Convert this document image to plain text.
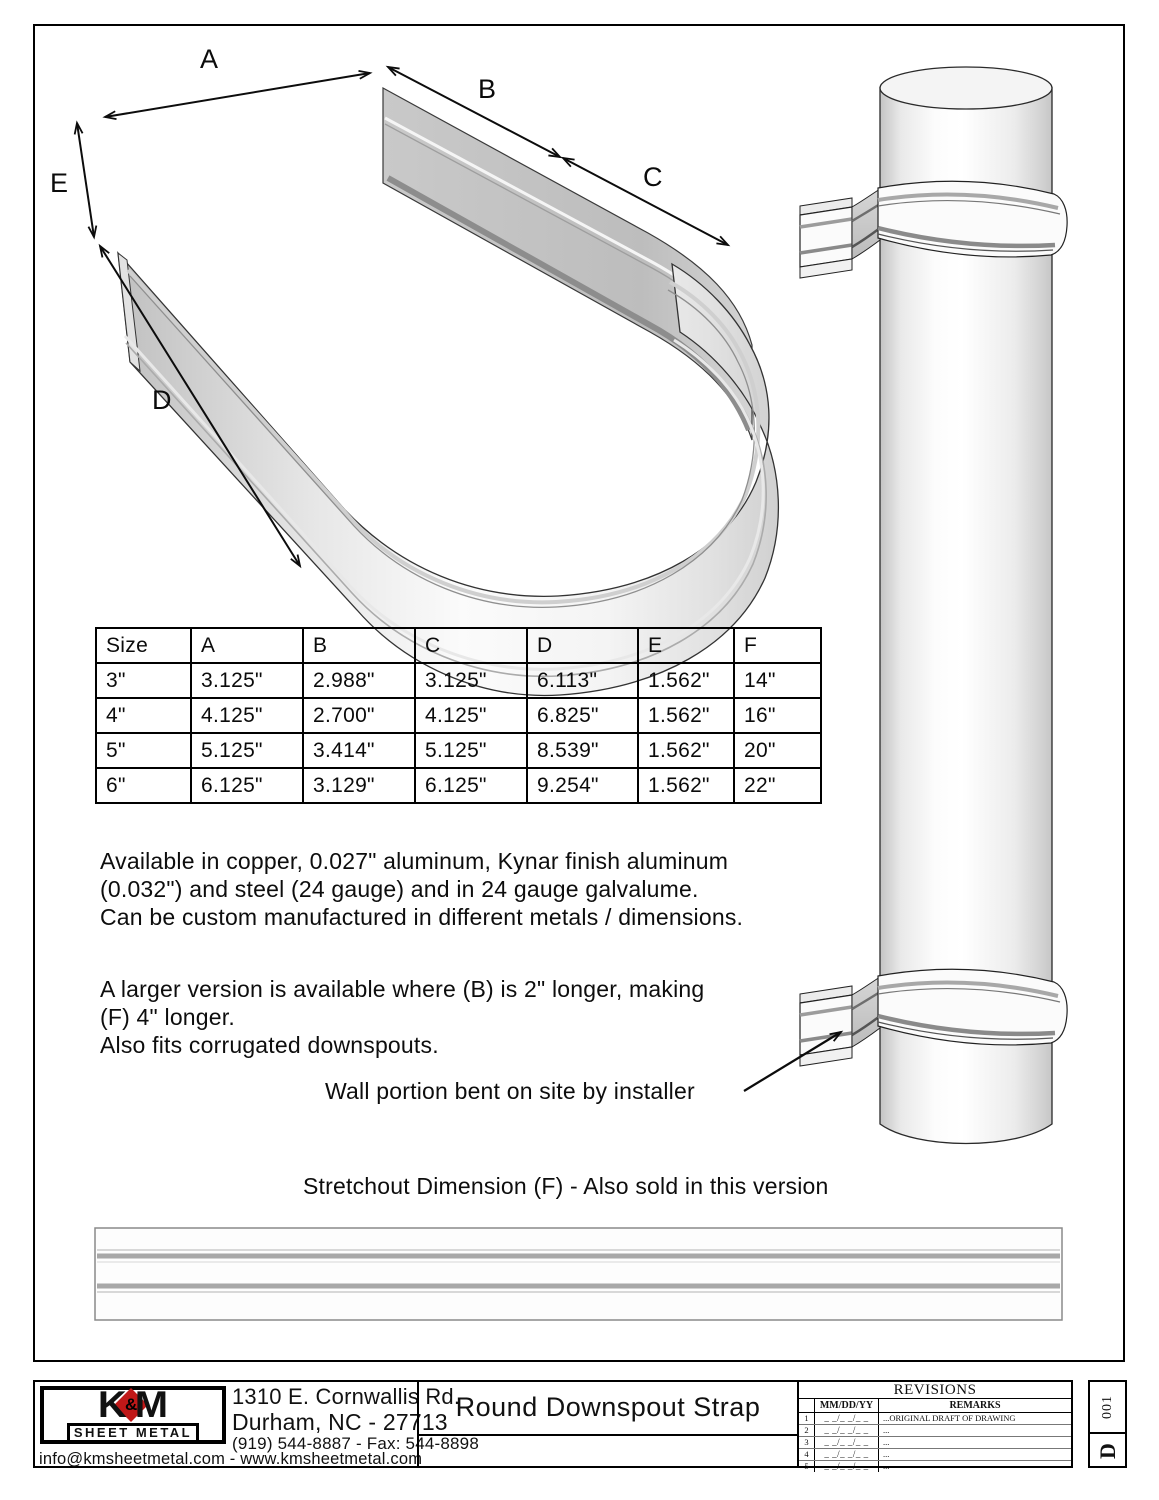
A
B
C
E
D
Size	A	B	C	D	E	F
3"	3.125"	2.988"	3.125"	6.113"	1.562"	14"
4"	4.125"	2.700"	4.125"	6.825"	1.562"	16"
5"	5.125"	3.414"	5.125"	8.539"	1.562"	20"
6"	6.125"	3.129"	6.125"	9.254"	1.562"	22"
Available in copper, 0.027" aluminum, Kynar finish aluminum
(0.032") and steel (24 gauge) and in 24 gauge galvalume.
Can be custom manufactured in different metals / dimensions.
A larger version is available where (B) is 2" longer, making
(F) 4" longer.
Also fits corrugated downspouts.
Wall portion bent on site by installer
Stretchout Dimension (F) - Also sold in this version
K
&
M
SHEET METAL
1310 E. Cornwallis Rd.
Durham, NC - 27713
(919) 544-8887 - Fax: 544-8898
info@kmsheetmetal.com - www.kmsheetmetal.com
Round Downspout Strap
REVISIONS
MM/DD/YY	REMARKS
1	_ _/_ _/_ _	...ORIGINAL DRAFT OF DRAWING
2	_ _/_ _/_ _	...
3	_ _/_ _/_ _	...
4	_ _/_ _/_ _	...
5	_ _/_ _/_ _	...
001
D
